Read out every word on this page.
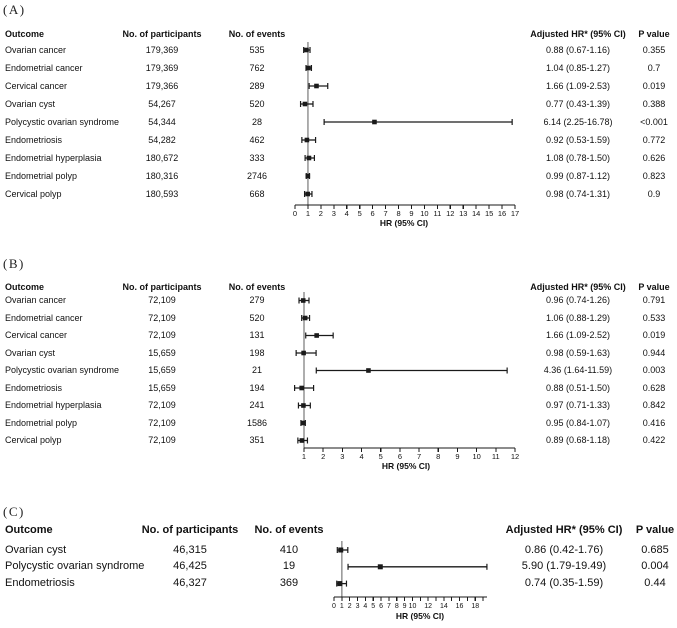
(A)
Outcome	No. of participants	No. of events	Adjusted HR* (95% CI)	P value
Ovarian cancer	179,369	535	0.88 (0.67-1.16)	0.355
Endometrial cancer	179,369	762	1.04 (0.85-1.27)	0.7
Cervical cancer	179,366	289	1.66 (1.09-2.53)	0.019
Ovarian cyst	54,267	520	0.77 (0.43-1.39)	0.388
Polycystic ovarian syndrome	54,344	28	6.14 (2.25-16.78)	<0.001
Endometriosis	54,282	462	0.92 (0.53-1.59)	0.772
Endometrial hyperplasia	180,672	333	1.08 (0.78-1.50)	0.626
Endometrial polyp	180,316	2746	0.99 (0.87-1.12)	0.823
Cervical polyp	180,593	668	0.98 (0.74-1.31)	0.9
0 1 2 3 4 5 6 7 8 9 10 11 12 13 14 15 16 17
HR (95% CI)
(B)
Outcome	No. of participants	No. of events	Adjusted HR* (95% CI)	P value
Ovarian cancer	72,109	279	0.96 (0.74-1.26)	0.791
Endometrial cancer	72,109	520	1.06 (0.88-1.29)	0.533
Cervical cancer	72,109	131	1.66 (1.09-2.52)	0.019
Ovarian cyst	15,659	198	0.98 (0.59-1.63)	0.944
Polycystic ovarian syndrome	15,659	21	4.36 (1.64-11.59)	0.003
Endometriosis	15,659	194	0.88 (0.51-1.50)	0.628
Endometrial hyperplasia	72,109	241	0.97 (0.71-1.33)	0.842
Endometrial polyp	72,109	1586	0.95 (0.84-1.07)	0.416
Cervical polyp	72,109	351	0.89 (0.68-1.18)	0.422
1 2 3 4 5 6 7 8 9 10 11 12
HR (95% CI)
(C)
Outcome	No. of participants	No. of events	Adjusted HR* (95% CI)	P value
Ovarian cyst	46,315	410	0.86 (0.42-1.76)	0.685
Polycystic ovarian syndrome	46,425	19	5.90 (1.79-19.49)	0.004
Endometriosis	46,327	369	0.74 (0.35-1.59)	0.44
0 1 2 3 4 5 6 7 8 9 10 12 14 16 18
HR (95% CI)
